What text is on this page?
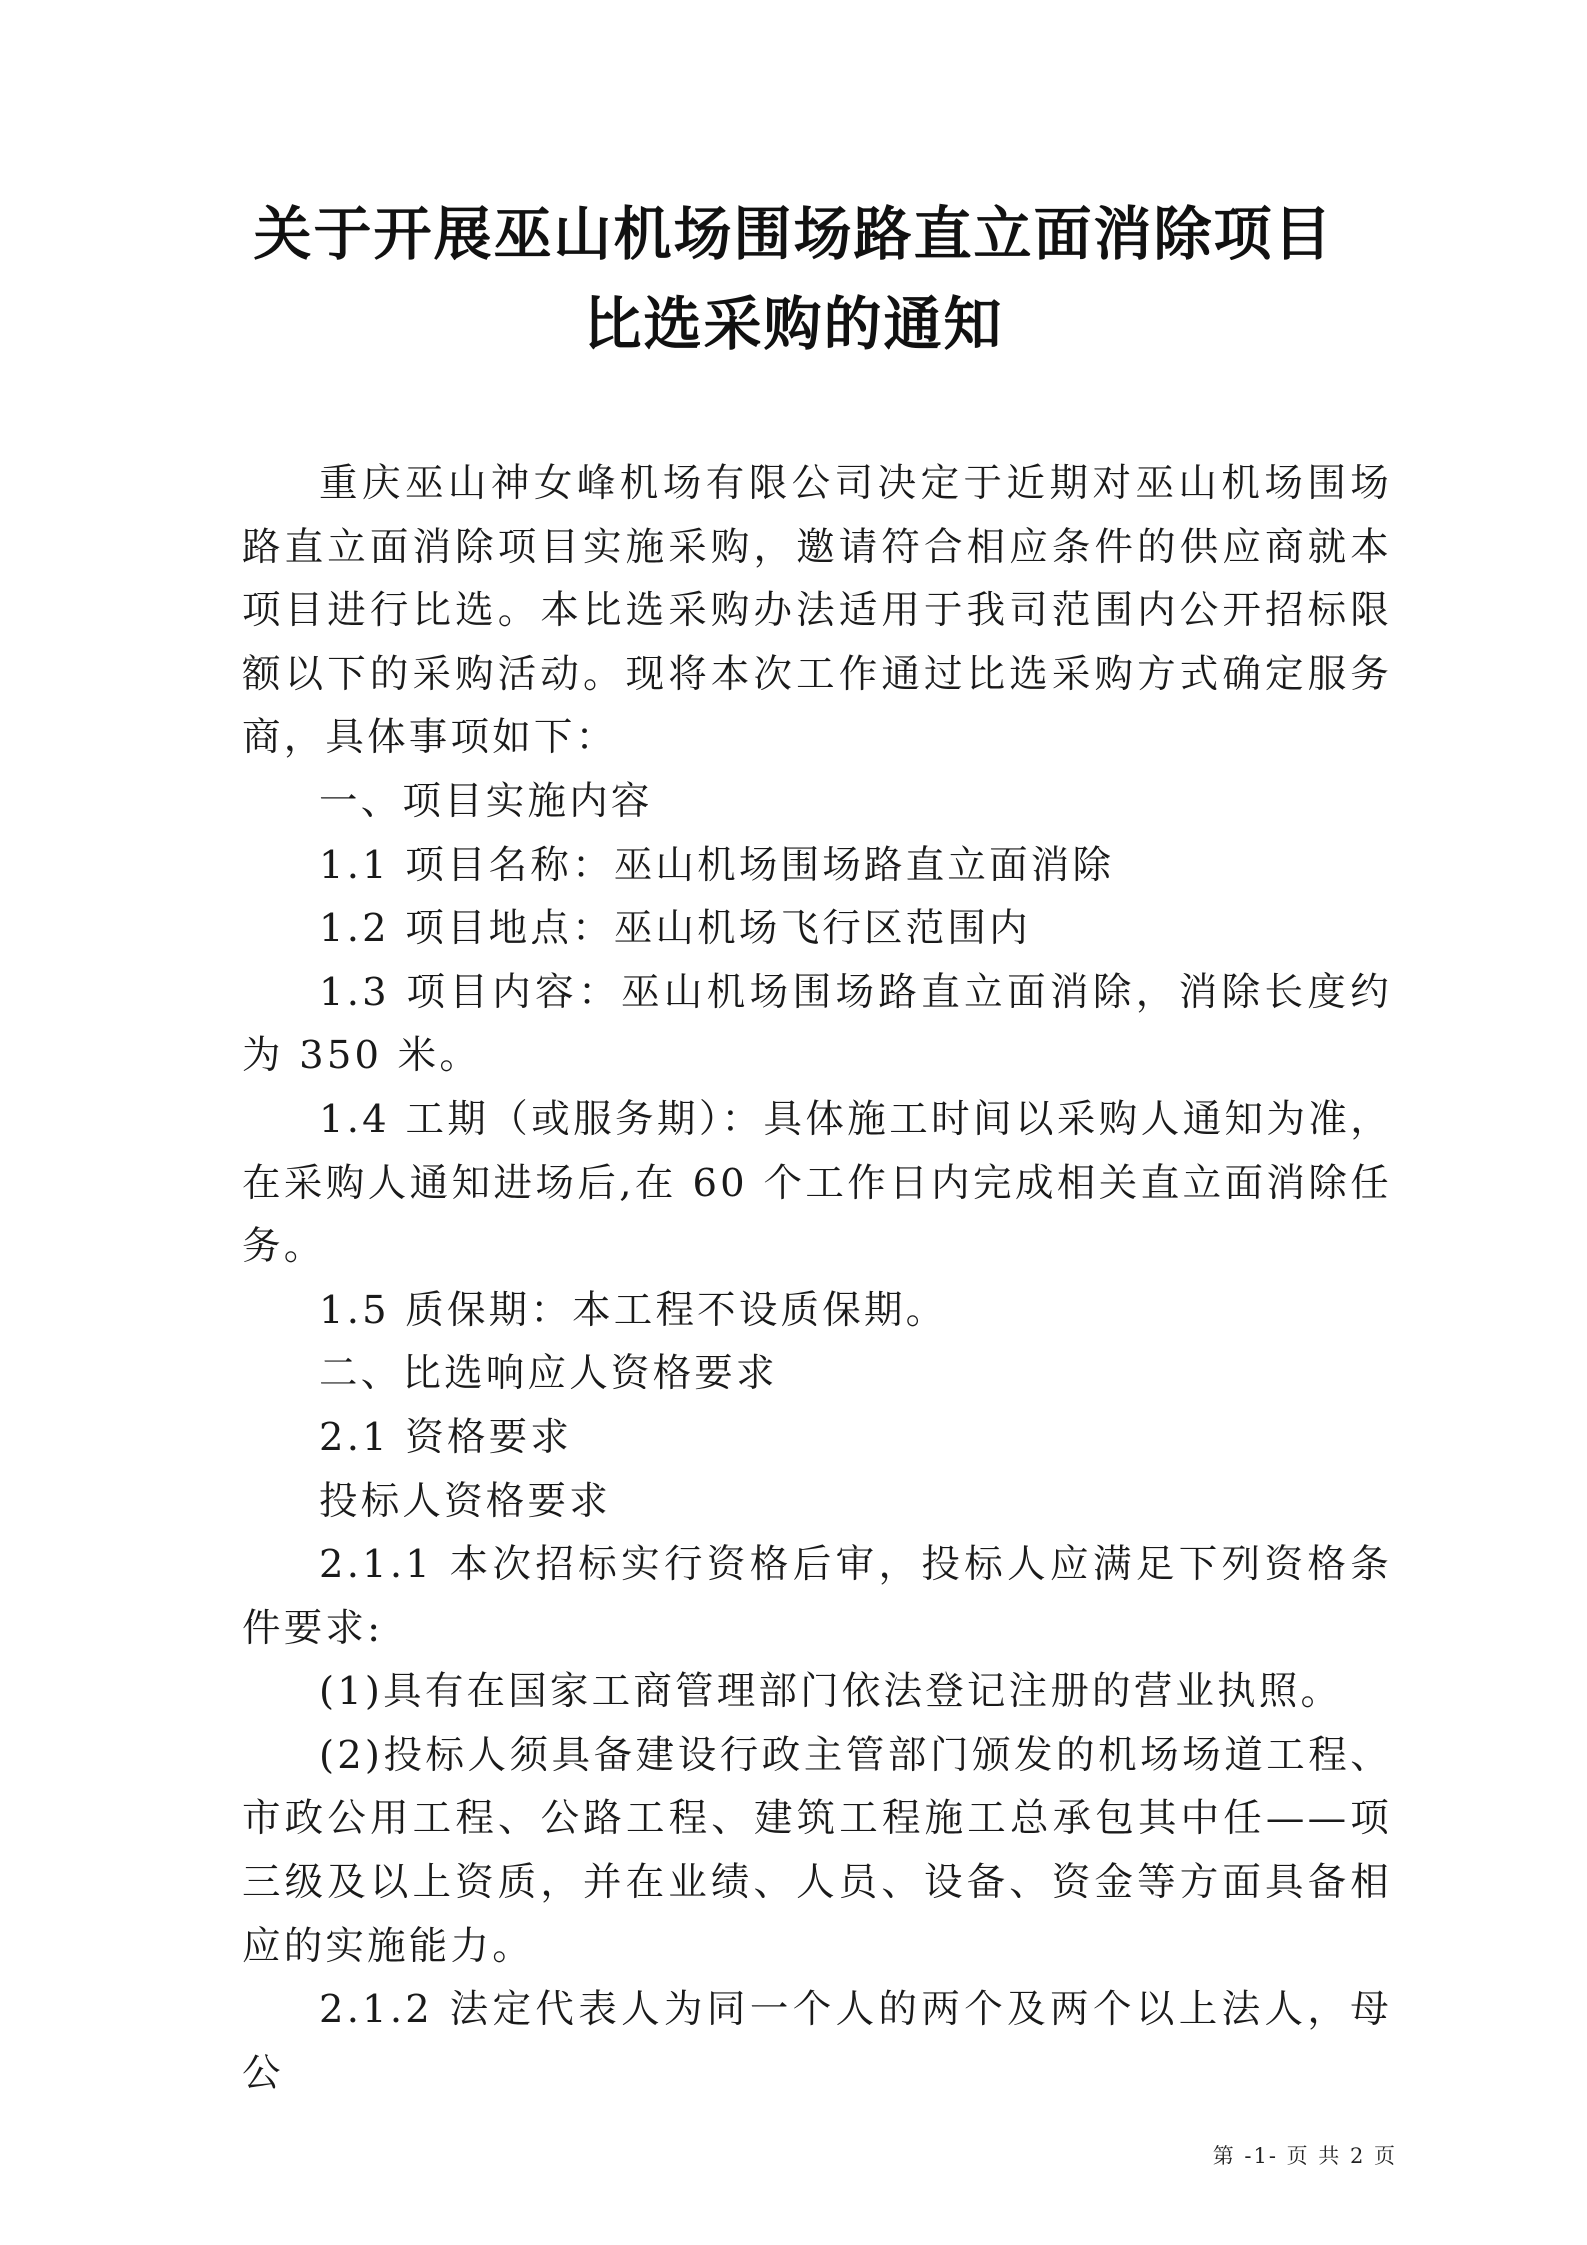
关于开展巫山机场围场路直立面消除项目
比选采购的通知

重庆巫山神女峰机场有限公司决定于近期对巫山机场围场路直立面消除项目实施采购，邀请符合相应条件的供应商就本项目进行比选。本比选采购办法适用于我司范围内公开招标限额以下的采购活动。现将本次工作通过比选采购方式确定服务商，具体事项如下：

一、项目实施内容

1.1 项目名称：巫山机场围场路直立面消除

1.2 项目地点：巫山机场飞行区范围内

1.3 项目内容：巫山机场围场路直立面消除，消除长度约为 350 米。

1.4 工期（或服务期）：具体施工时间以采购人通知为准，在采购人通知进场后,在 60 个工作日内完成相关直立面消除任务。

1.5 质保期：本工程不设质保期。

二、比选响应人资格要求

2.1 资格要求

投标人资格要求

2.1.1 本次招标实行资格后审，投标人应满足下列资格条件要求:

(1)具有在国家工商管理部门依法登记注册的营业执照。

(2)投标人须具备建设行政主管部门颁发的机场场道工程、市政公用工程、公路工程、建筑工程施工总承包其中任——项三级及以上资质，并在业绩、人员、设备、资金等方面具备相应的实施能力。

2.1.2 法定代表人为同一个人的两个及两个以上法人，母公

第 -1- 页 共 2 页
